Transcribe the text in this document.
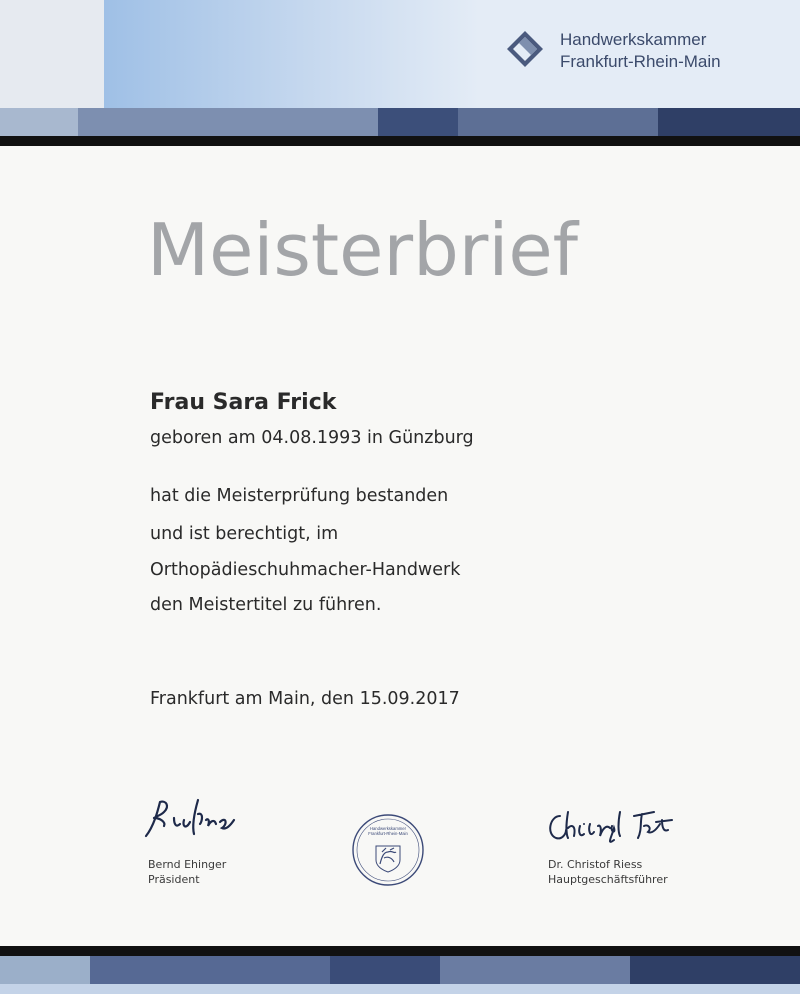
Handwerkskammer
Frankfurt-Rhein-Main
Meisterbrief
Frau Sara Frick
geboren am 04.08.1993 in Günzburg
hat die Meisterprüfung bestanden
und ist berechtigt, im
Orthopädieschuhmacher-Handwerk
den Meistertitel zu führen.
Frankfurt am Main, den 15.09.2017
Bernd Ehinger
Präsident
Handwerkskammer
Frankfurt-Rhein-Main
Dr. Christof Riess
Hauptgeschäftsführer
